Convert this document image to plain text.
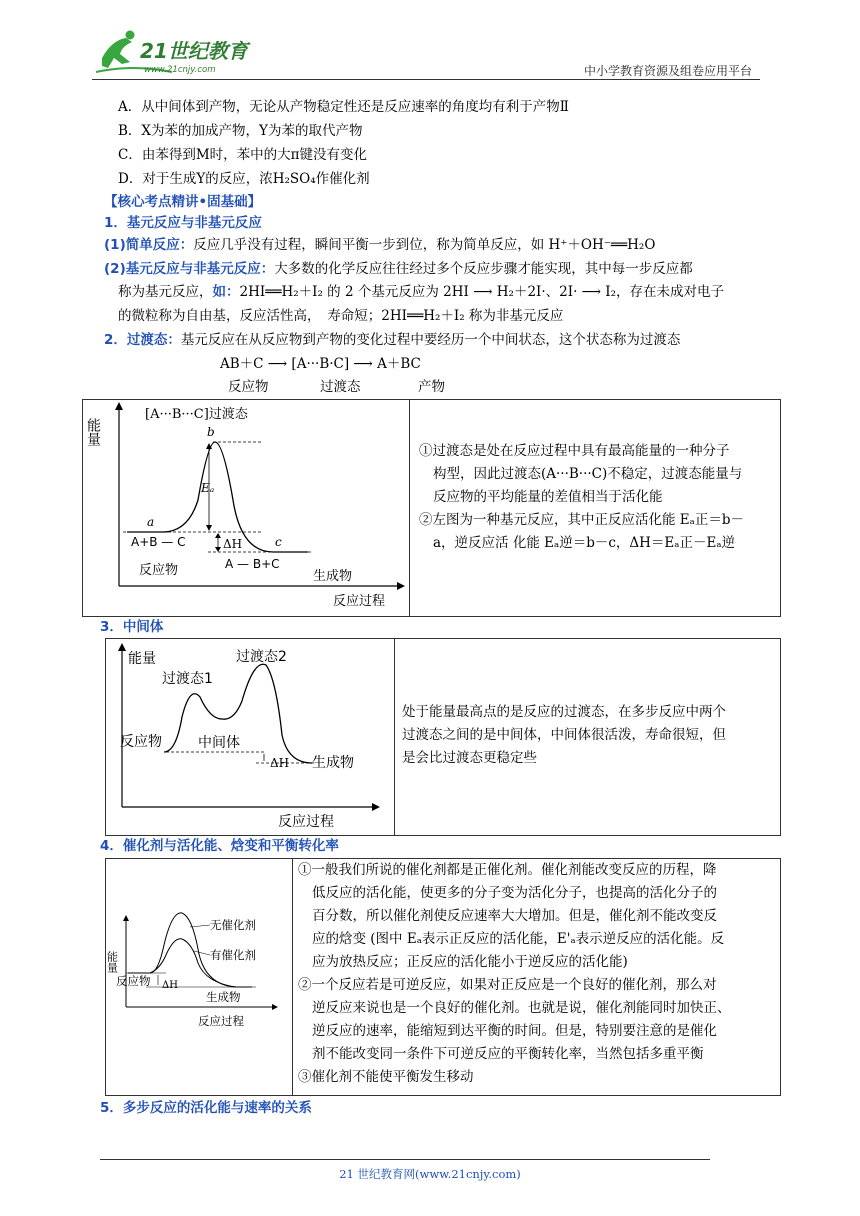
21世纪教育
www.21cnjy.com	中小学教育资源及组卷应用平台
A．从中间体到产物，无论从产物稳定性还是反应速率的角度均有利于产物Ⅱ
B．X为苯的加成产物，Y为苯的取代产物
C．由苯得到M时，苯中的大π键没有变化
D．对于生成Y的反应，浓H₂SO₄作催化剂
【核心考点精讲•固基础】
1．基元反应与非基元反应
(1)简单反应：反应几乎没有过程，瞬间平衡一步到位，称为简单反应，如 H⁺＋OH⁻══H₂O
(2)基元反应与非基元反应：大多数的化学反应往往经过多个反应步骤才能实现，其中每一步反应都
称为基元反应，如：2HI══H₂＋I₂ 的 2 个基元反应为 2HI ⟶ H₂＋2I·、2I· ⟶ I₂，存在未成对电子
的微粒称为自由基，反应活性高，　寿命短；2HI══H₂＋I₂ 称为非基元反应
2．过渡态：基元反应在从反应物到产物的变化过程中要经历一个中间状态，这个状态称为过渡态
AB＋C ⟶ [A···B·C] ⟶ A＋BC
反应物	过渡态	产物
能量
[A···B···C]过渡态
b
a
c
Eₐ
ΔH
A+B — C
反应物	A — B+C
生成物
反应过程
①过渡态是处在反应过程中具有最高能量的一种分子
构型，因此过渡态(A···B···C)不稳定，过渡态能量与
反应物的平均能量的差值相当于活化能
②左图为一种基元反应，其中正反应活化能 Eₐ正＝b－
a，逆反应活 化能 Eₐ逆＝b－c，ΔH＝Eₐ正－Eₐ逆
3．中间体
能量
过渡态1
过渡态2
中间体
反应物
生成物
ΔH
反应过程
处于能量最高点的是反应的过渡态，在多步反应中两个
过渡态之间的是中间体，中间体很活泼，寿命很短，但
是会比过渡态更稳定些
4．催化剂与活化能、焓变和平衡转化率
能量
无催化剂
有催化剂
反应物 ΔH
生成物
反应过程
①一般我们所说的催化剂都是正催化剂。催化剂能改变反应的历程，降
低反应的活化能，使更多的分子变为活化分子，也提高的活化分子的
百分数，所以催化剂使反应速率大大增加。但是，催化剂不能改变反
应的焓变 (图中 Eₐ表示正反应的活化能，E'ₐ表示逆反应的活化能。反
应为放热反应；正反应的活化能小于逆反应的活化能)
②一个反应若是可逆反应，如果对正反应是一个良好的催化剂，那么对
逆反应来说也是一个良好的催化剂。也就是说，催化剂能同时加快正、
逆反应的速率，能缩短到达平衡的时间。但是，特别要注意的是催化
剂不能改变同一条件下可逆反应的平衡转化率，当然包括多重平衡
③催化剂不能使平衡发生移动
5．多步反应的活化能与速率的关系
21 世纪教育网(www.21cnjy.com)
